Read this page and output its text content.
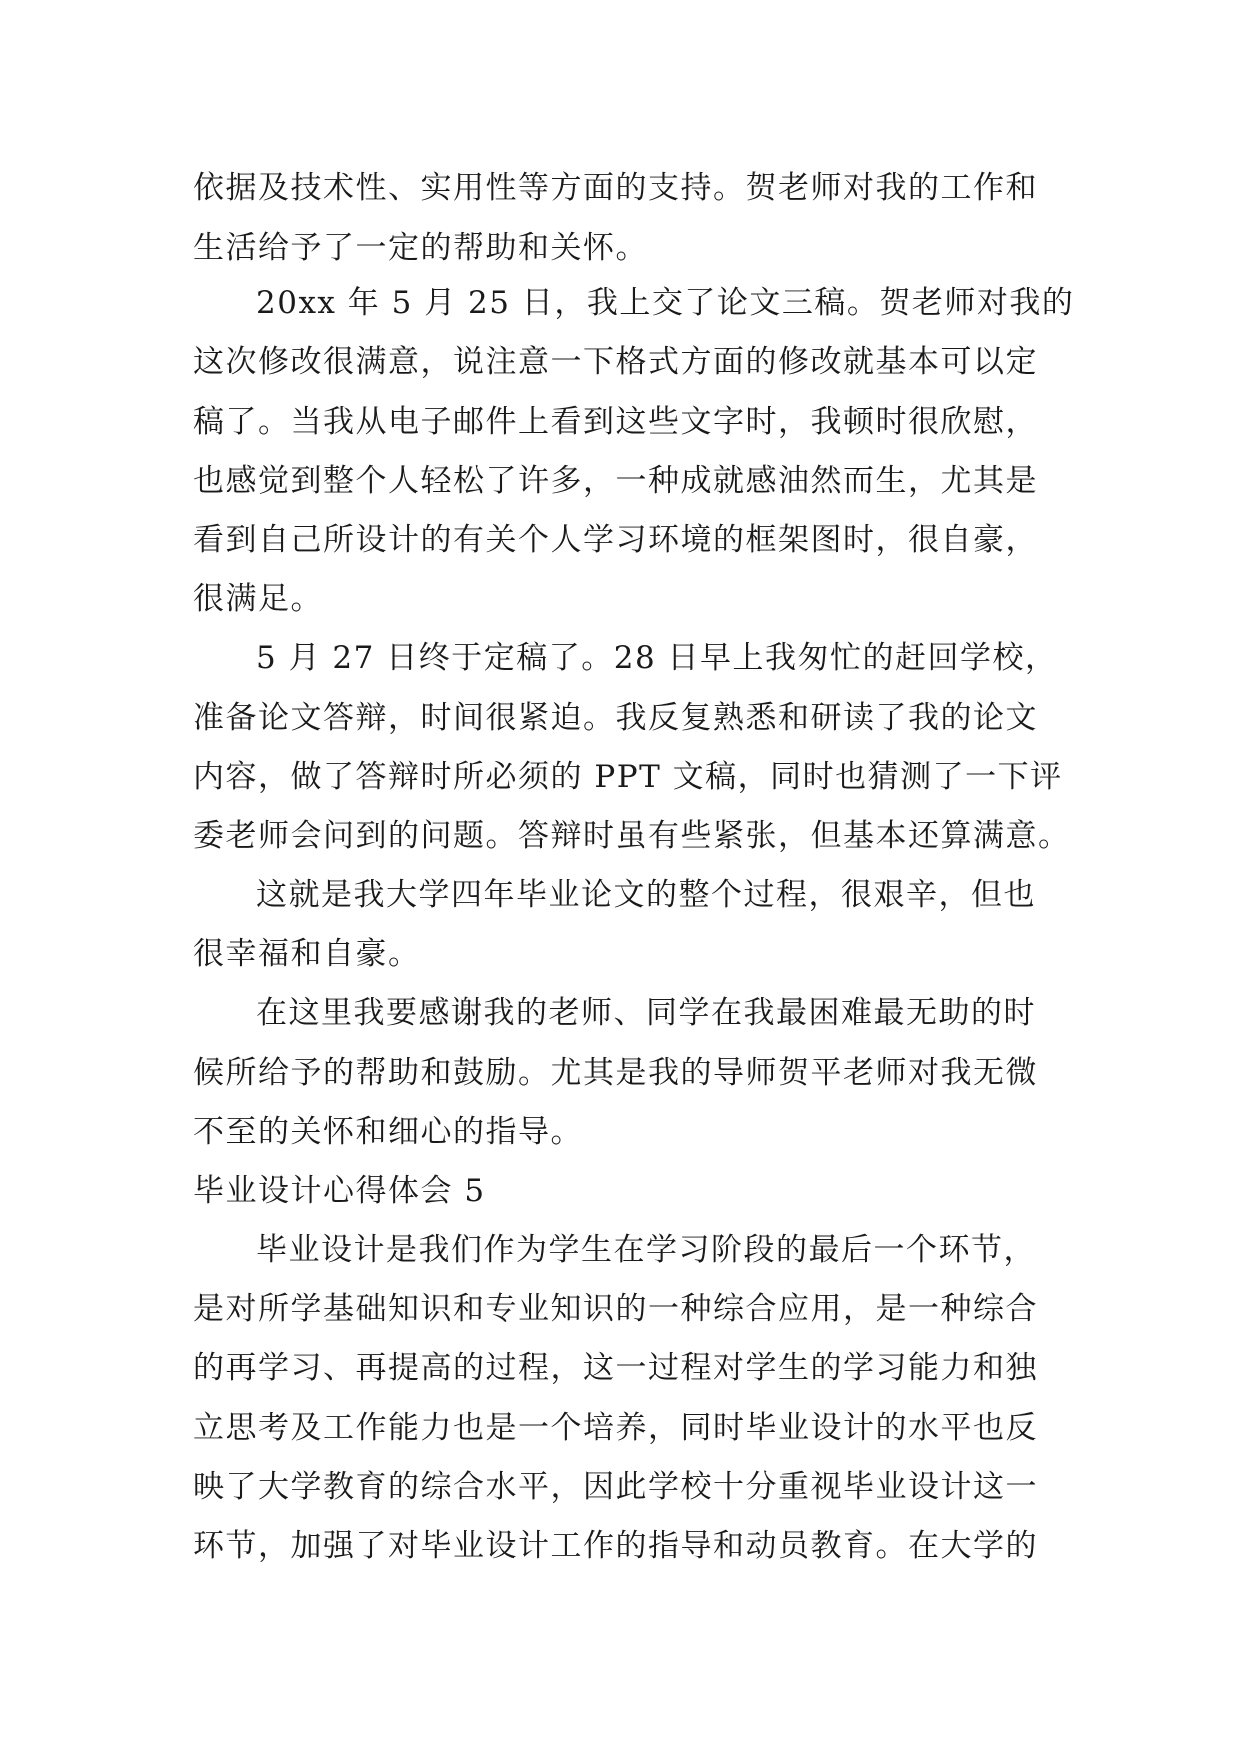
依据及技术性、实用性等方面的支持。贺老师对我的工作和
生活给予了一定的帮助和关怀。
20xx 年 5 月 25 日，我上交了论文三稿。贺老师对我的
这次修改很满意，说注意一下格式方面的修改就基本可以定
稿了。当我从电子邮件上看到这些文字时，我顿时很欣慰，
也感觉到整个人轻松了许多，一种成就感油然而生，尤其是
看到自己所设计的有关个人学习环境的框架图时，很自豪，
很满足。
5 月 27 日终于定稿了。28 日早上我匆忙的赶回学校，
准备论文答辩，时间很紧迫。我反复熟悉和研读了我的论文
内容，做了答辩时所必须的 PPT 文稿，同时也猜测了一下评
委老师会问到的问题。答辩时虽有些紧张，但基本还算满意。
这就是我大学四年毕业论文的整个过程，很艰辛，但也
很幸福和自豪。
在这里我要感谢我的老师、同学在我最困难最无助的时
候所给予的帮助和鼓励。尤其是我的导师贺平老师对我无微
不至的关怀和细心的指导。
毕业设计心得体会 5
毕业设计是我们作为学生在学习阶段的最后一个环节，
是对所学基础知识和专业知识的一种综合应用，是一种综合
的再学习、再提高的过程，这一过程对学生的学习能力和独
立思考及工作能力也是一个培养，同时毕业设计的水平也反
映了大学教育的综合水平，因此学校十分重视毕业设计这一
环节，加强了对毕业设计工作的指导和动员教育。在大学的
